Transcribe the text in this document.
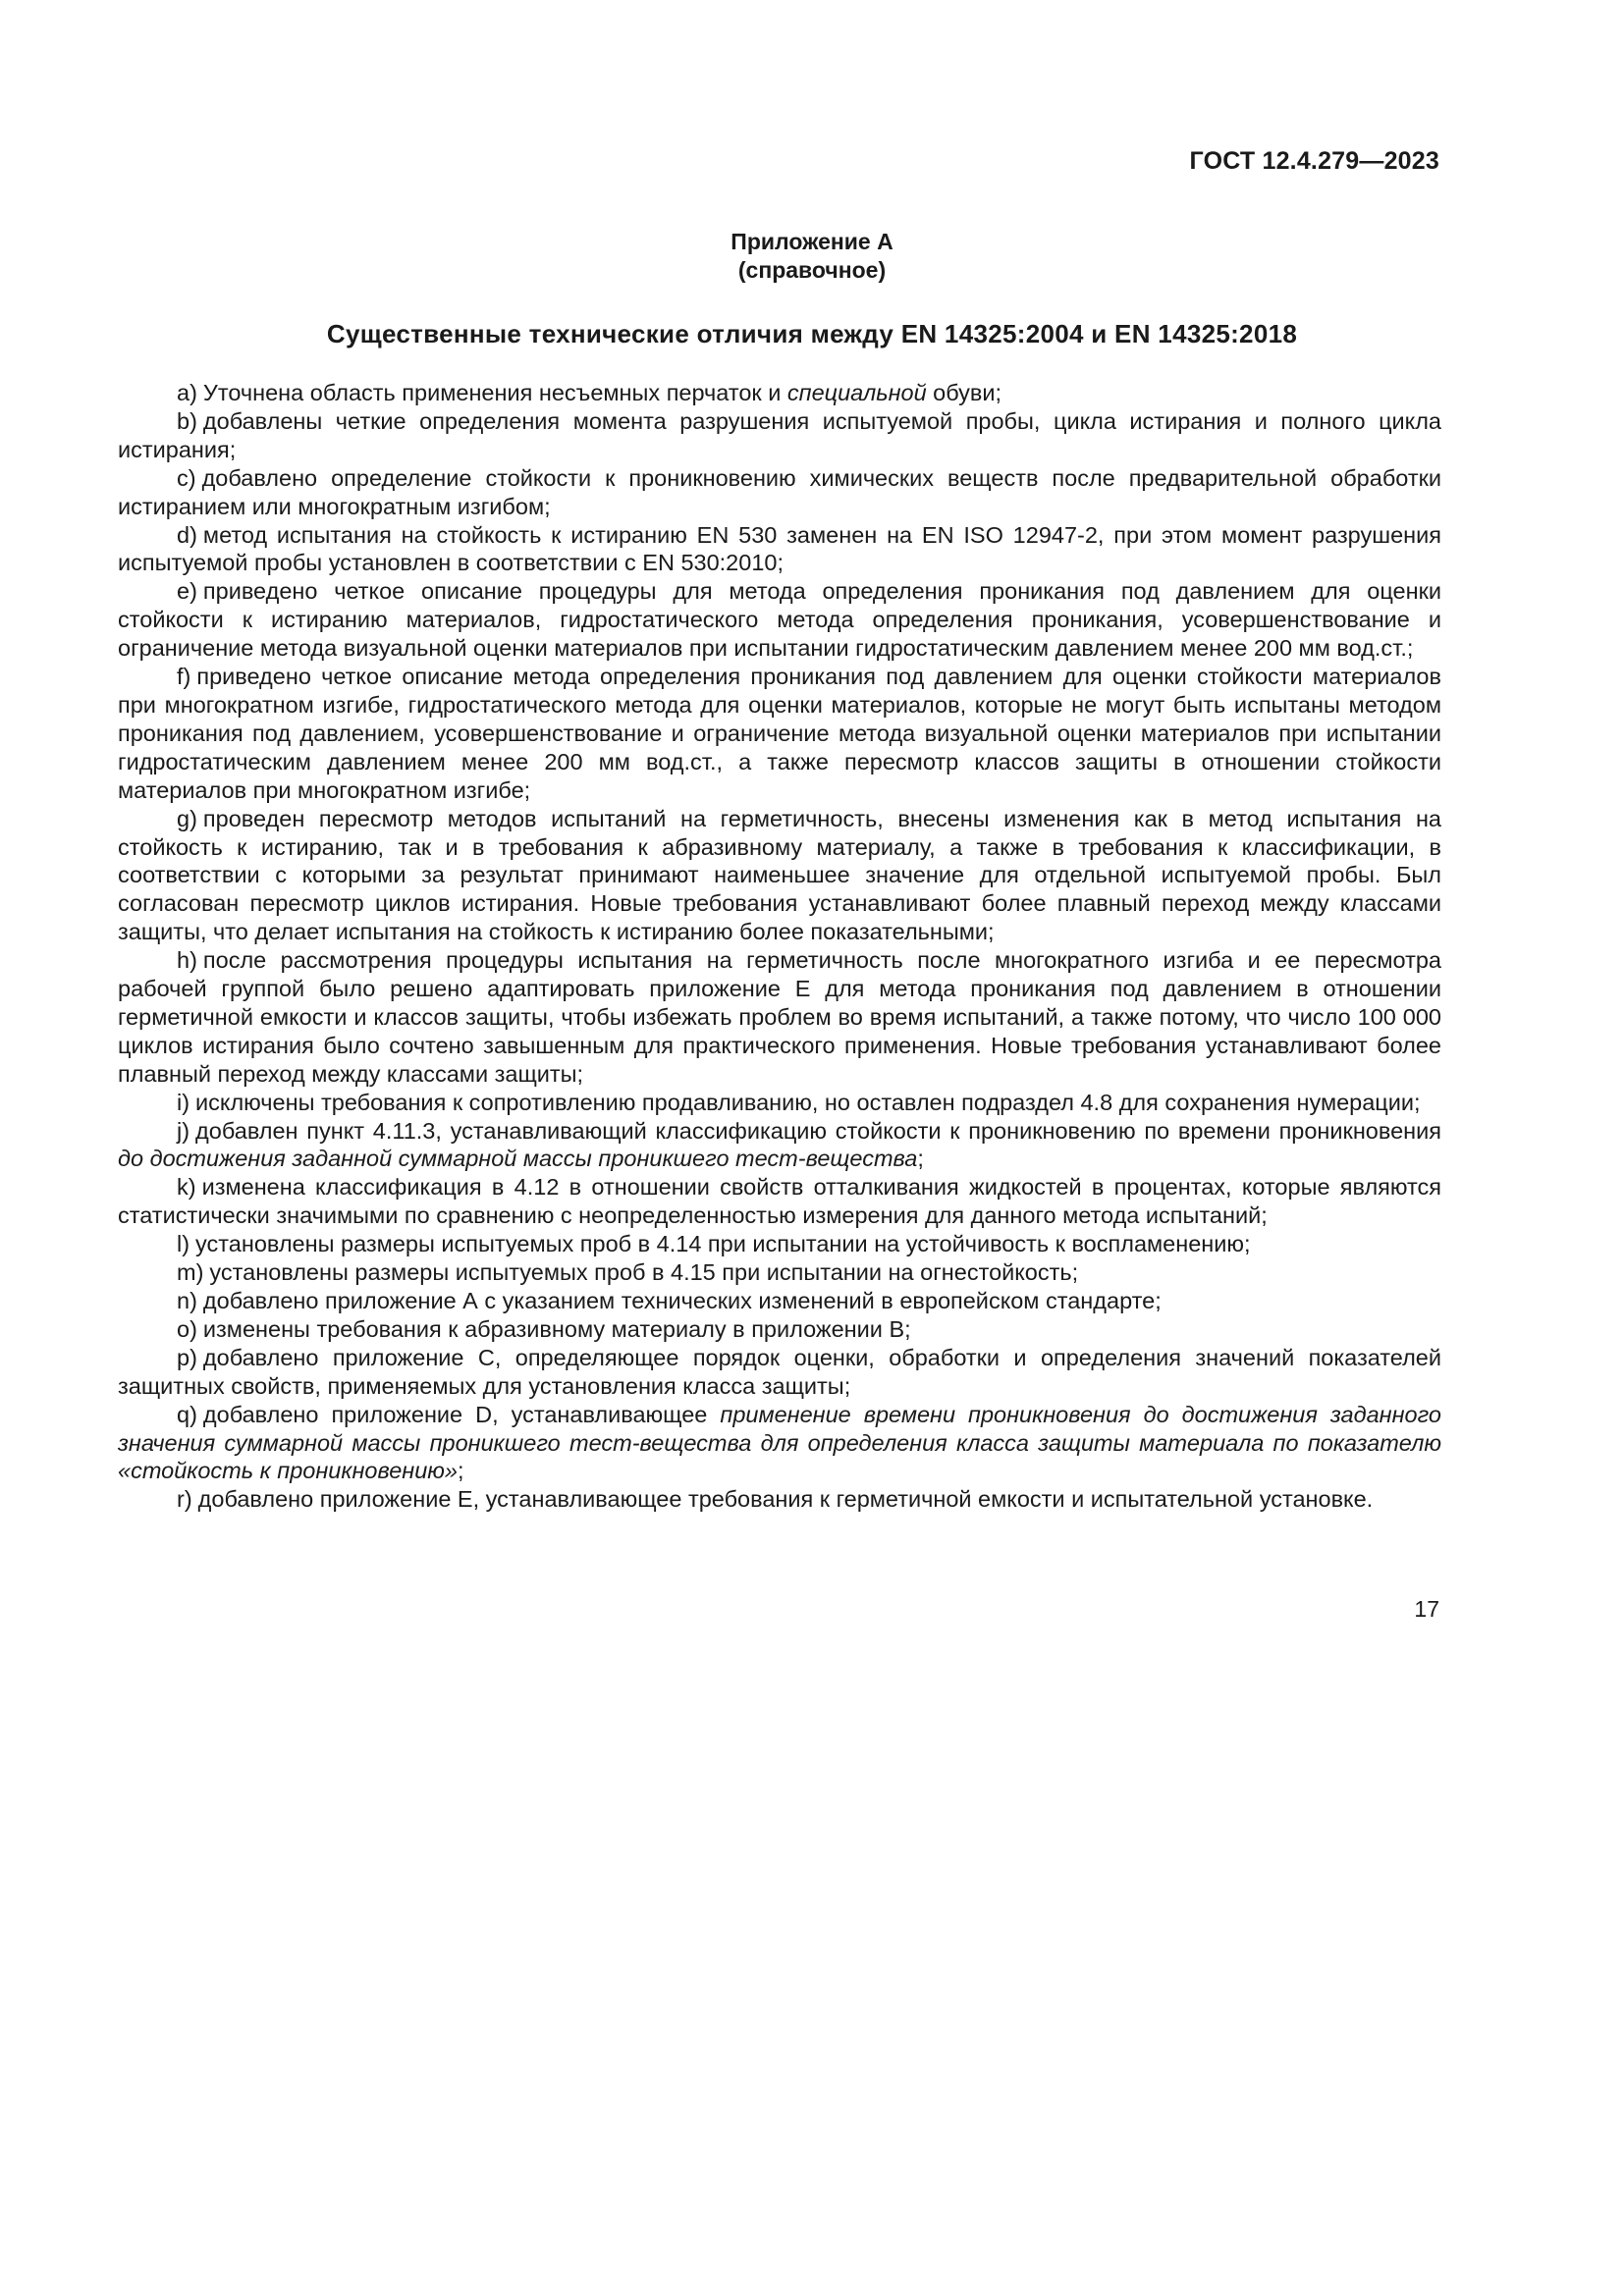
ГОСТ 12.4.279—2023
Приложение А
(справочное)
Существенные технические отличия между EN 14325:2004 и EN 14325:2018

a) Уточнена область применения несъемных перчаток и специальной обуви;

b) добавлены четкие определения момента разрушения испытуемой пробы, цикла истирания и полного цикла истирания;

c) добавлено определение стойкости к проникновению химических веществ после предварительной обработки истиранием или многократным изгибом;

d) метод испытания на стойкость к истиранию EN 530 заменен на EN ISO 12947-2, при этом момент разрушения испытуемой пробы установлен в соответствии с EN 530:2010;

e) приведено четкое описание процедуры для метода определения проникания под давлением для оценки стойкости к истиранию материалов, гидростатического метода определения проникания, усовершенствование и ограничение метода визуальной оценки материалов при испытании гидростатическим давлением менее 200 мм вод.ст.;

f) приведено четкое описание метода определения проникания под давлением для оценки стойкости материалов при многократном изгибе, гидростатического метода для оценки материалов, которые не могут быть испытаны методом проникания под давлением, усовершенствование и ограничение метода визуальной оценки материалов при испытании гидростатическим давлением менее 200 мм вод.ст., а также пересмотр классов защиты в отношении стойкости материалов при многократном изгибе;

g) проведен пересмотр методов испытаний на герметичность, внесены изменения как в метод испытания на стойкость к истиранию, так и в требования к абразивному материалу, а также в требования к классификации, в соответствии с которыми за результат принимают наименьшее значение для отдельной испытуемой пробы. Был согласован пересмотр циклов истирания. Новые требования устанавливают более плавный переход между классами защиты, что делает испытания на стойкость к истиранию более показательными;

h) после рассмотрения процедуры испытания на герметичность после многократного изгиба и ее пересмотра рабочей группой было решено адаптировать приложение Е для метода проникания под давлением в отношении герметичной емкости и классов защиты, чтобы избежать проблем во время испытаний, а также потому, что число 100 000 циклов истирания было сочтено завышенным для практического применения. Новые требования устанавливают более плавный переход между классами защиты;

i) исключены требования к сопротивлению продавливанию, но оставлен подраздел 4.8 для сохранения нумерации;

j) добавлен пункт 4.11.3, устанавливающий классификацию стойкости к проникновению по времени проникновения до достижения заданной суммарной массы проникшего тест-вещества;

k) изменена классификация в 4.12 в отношении свойств отталкивания жидкостей в процентах, которые являются статистически значимыми по сравнению с неопределенностью измерения для данного метода испытаний;

l) установлены размеры испытуемых проб в 4.14 при испытании на устойчивость к воспламенению;

m) установлены размеры испытуемых проб в 4.15 при испытании на огнестойкость;

n) добавлено приложение А с указанием технических изменений в европейском стандарте;

o) изменены требования к абразивному материалу в приложении В;

p) добавлено приложение С, определяющее порядок оценки, обработки и определения значений показателей защитных свойств, применяемых для установления класса защиты;

q) добавлено приложение D, устанавливающее применение времени проникновения до достижения заданного значения суммарной массы проникшего тест-вещества для определения класса защиты материала по показателю «стойкость к проникновению»;

r) добавлено приложение Е, устанавливающее требования к герметичной емкости и испытательной установке.

17
